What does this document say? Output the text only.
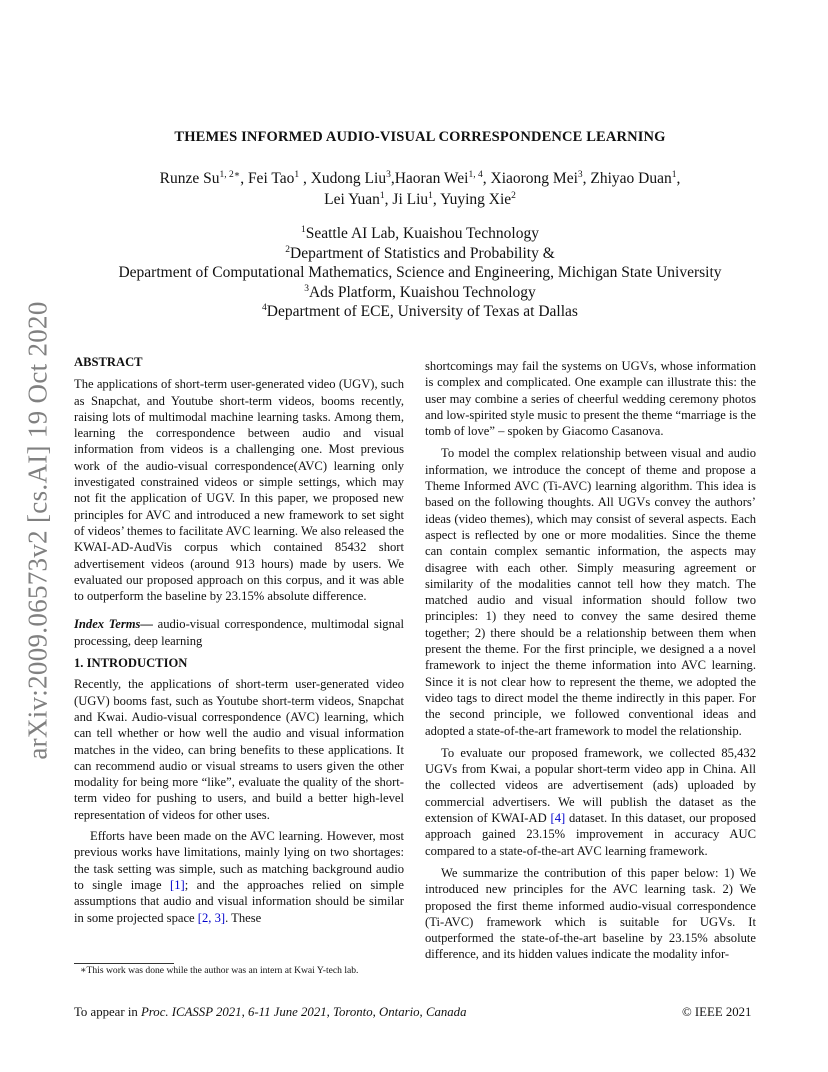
arXiv:2009.06573v2 [cs.AI] 19 Oct 2020
THEMES INFORMED AUDIO-VISUAL CORRESPONDENCE LEARNING
Runze $Su^{1, 2∗}$, Fei Tao$^1$ , Xudong Liu$^3$,Haoran Wei$^{1, 4}$, Xiaorong Mei$^3$, Zhiyao Duan$^1$,
Lei Yuan$^1$, Ji Liu$^1$, Yuying Xie$^2$
$^1$Seattle AI Lab, Kuaishou Technology
$^2$Department of Statistics and Probability &
Department of Computational Mathematics, Science and Engineering, Michigan State University
$^3$Ads Platform, Kuaishou Technology
$^4$Department of ECE, University of Texas at Dallas

ABSTRACT

The applications of short-term user-generated video (UGV), such as Snapchat, and Youtube short-term videos, booms recently, raising lots of multimodal machine learning tasks. Among them, learning the correspondence between audio and visual information from videos is a challenging one. Most previous work of the audio-visual correspondence(AVC) learning only investigated constrained videos or simple settings, which may not fit the application of UGV. In this paper, we proposed new principles for AVC and introduced a new framework to set sight of videos’ themes to facilitate AVC learning. We also released the KWAI-AD-AudVis corpus which contained 85432 short advertisement videos (around 913 hours) made by users. We evaluated our proposed approach on this corpus, and it was able to outperform the baseline by 23.15% absolute difference.

Index Terms— audio-visual correspondence, multimodal signal processing, deep learning

1. INTRODUCTION

Recently, the applications of short-term user-generated video (UGV) booms fast, such as Youtube short-term videos, Snapchat and Kwai. Audio-visual correspondence (AVC) learning, which can tell whether or how well the audio and visual information matches in the video, can bring benefits to these applications. It can recommend audio or visual streams to users given the other modality for being more “like”, evaluate the quality of the short-term video for pushing to users, and build a better high-level representation of videos for other uses.

Efforts have been made on the AVC learning. However, most previous works have limitations, mainly lying on two shortages: the task setting was simple, such as matching background audio to single image [1]; and the approaches relied on simple assumptions that audio and visual information should be similar in some projected space [2, 3]. These

shortcomings may fail the systems on UGVs, whose information is complex and complicated. One example can illustrate this: the user may combine a series of cheerful wedding ceremony photos and low-spirited style music to present the theme “marriage is the tomb of love” – spoken by Giacomo Casanova.

To model the complex relationship between visual and audio information, we introduce the concept of theme and propose a Theme Informed AVC (Ti-AVC) learning algorithm. This idea is based on the following thoughts. All UGVs convey the authors’ ideas (video themes), which may consist of several aspects. Each aspect is reflected by one or more modalities. Since the theme can contain complex semantic information, the aspects may disagree with each other. Simply measuring agreement or similarity of the modalities cannot tell how they match. The matched audio and visual information should follow two principles: 1) they need to convey the same desired theme together; 2) there should be a relationship between them when present the theme. For the first principle, we designed a a novel framework to inject the theme information into AVC learning. Since it is not clear how to represent the theme, we adopted the video tags to direct model the theme indirectly in this paper. For the second principle, we followed conventional ideas and adopted a state-of-the-art framework to model the relationship.

To evaluate our proposed framework, we collected 85,432 UGVs from Kwai, a popular short-term video app in China. All the collected videos are advertisement (ads) uploaded by commercial advertisers. We will publish the dataset as the extension of KWAI-AD [4] dataset. In this dataset, our proposed approach gained 23.15% improvement in accuracy AUC compared to a state-of-the-art AVC learning framework.

We summarize the contribution of this paper below: 1) We introduced new principles for the AVC learning task. 2) We proposed the first theme informed audio-visual correspondence (Ti-AVC) framework which is suitable for UGVs. It outperformed the state-of-the-art baseline by 23.15% absolute difference, and its hidden values indicate the modality infor-

∗This work was done while the author was an intern at Kwai Y-tech lab.
To appear in Proc. ICASSP 2021, 6-11 June 2021, Toronto, Ontario, Canada	© IEEE 2021
